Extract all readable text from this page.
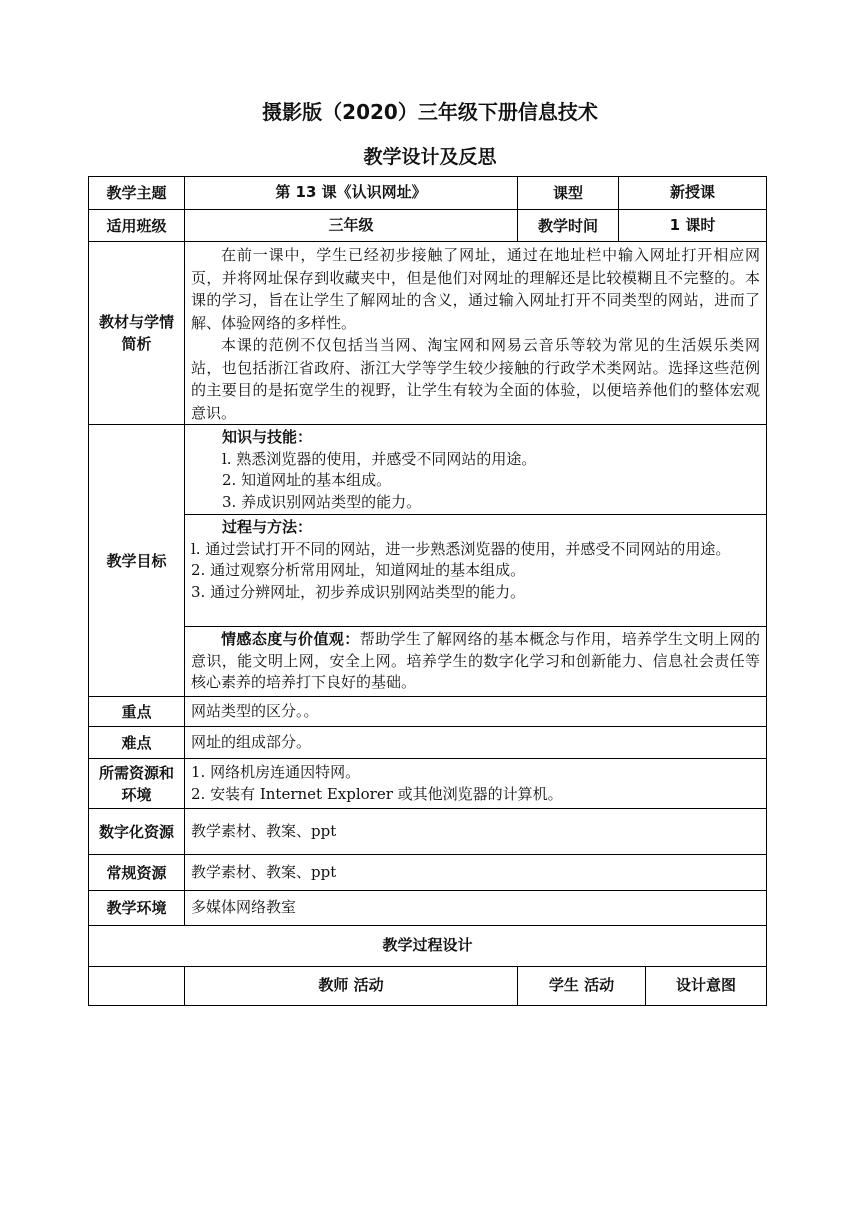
摄影版（2020）三年级下册信息技术
教学设计及反思
教学主题	第 13 课《认识网址》	课型	新授课	
适用班级	三年级	教学时间	1 课时	
教材与学情简析	在前一课中，学生已经初步接触了网址，通过在地址栏中输入网址打开相应网页，并将网址保存到收藏夹中，但是他们对网址的理解还是比较模糊且不完整的。本课的学习，旨在让学生了解网址的含义，通过输入网址打开不同类型的网站，进而了解、体验网络的多样性。

本课的范例不仅包括当当网、淘宝网和网易云音乐等较为常见的生活娱乐类网站，也包括浙江省政府、浙江大学等学生较少接触的行政学术类网站。选择这些范例的主要目的是拓宽学生的视野，让学生有较为全面的体验，以便培养他们的整体宏观意识。			

教学目标	知识与技能：

l. 熟悉浏览器的使用，并感受不同网站的用途。

2. 知道网址的基本组成。

3. 养成识别网站类型的能力。			

	过程与方法：

l. 通过尝试打开不同的网站，进一步熟悉浏览器的使用，并感受不同网站的用途。

2. 通过观察分析常用网址，知道网址的基本组成。

3. 通过分辨网址，初步养成识别网站类型的能力。			

	情感态度与价值观：帮助学生了解网络的基本概念与作用，培养学生文明上网的意识，能文明上网，安全上网。培养学生的数字化学习和创新能力、信息社会责任等核心素养的培养打下良好的基础。			

重点	网站类型的区分。。			
难点	网址的组成部分。			
所需资源和环境	1. 网络机房连通因特网。

2. 安装有 Internet Explorer 或其他浏览器的计算机。			

数字化资源	教学素材、教案、ppt			
常规资源	教学素材、教案、ppt			
教学环境	多媒体网络教室			
教学过程设计				
	教师 活动	学生 活动		设计意图
